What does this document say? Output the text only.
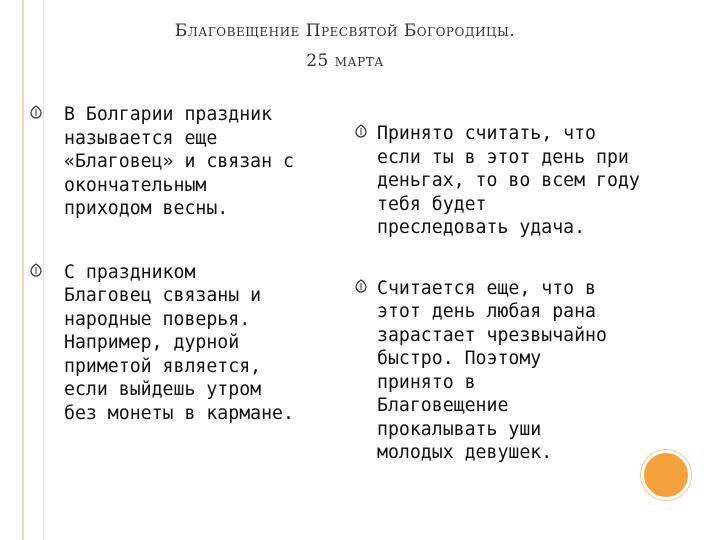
Благовещение Пресвятой Богородицы.
25 марта
В Болгарии праздник
называется еще
«Благовец» и связан с
окончательным
приходом весны.
С праздником
Благовец связаны и
народные поверья.
Например, дурной
приметой является,
если выйдешь утром
без монеты в кармане.
Принято считать, что
если ты в этот день при
деньгах, то во всем году
тебя будет
преследовать удача.
Считается еще, что в
этот день любая рана
зарастает чрезвычайно
быстро. Поэтому
принято в
Благовещение
прокалывать уши
молодых девушек.
